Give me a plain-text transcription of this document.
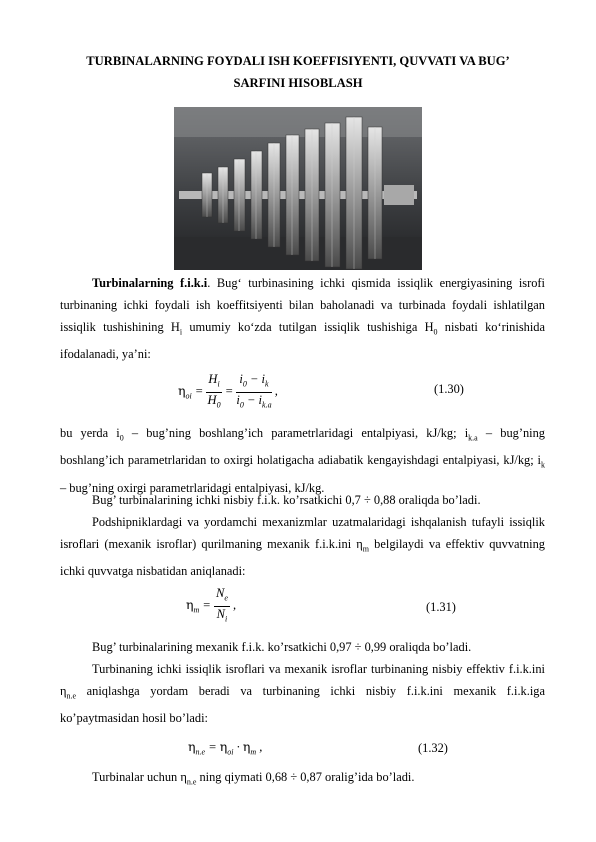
TURBINALARNING FOYDALI ISH KOEFFISIYENTI, QUVVATI VA BUG’
SARFINI HISOBLASH
Turbinalarning f.i.k.i. Bug‘ turbinasining ichki qismida issiqlik energiyasining isrofi turbinaning ichki foydali ish koeffitsiyenti bilan baholanadi va turbinada foydali ishlatilgan issiqlik tushishining $H_i$ umumiy ko‘zda tutilgan issiqlik tushishiga $H_0$ nisbati ko‘rinishida ifodalanadi, ya’ni:
$\eta_{oi} = \frac{H_i}{H_0} = \frac{i_0 - i_k}{i_0 - i_{k.a}}$ ,	(1.30)
bu yerda $i_0$ – bug’ning boshlang’ich parametrlaridagi entalpiyasi, kJ/kg; $i_{k.a}$ – bug’ning boshlang’ich parametrlaridan to oxirgi holatigacha adiabatik kengayishdagi entalpiyasi, kJ/kg; $i_k$ – bug’ning oxirgi parametrlaridagi entalpiyasi, kJ/kg.
Bug’ turbinalarining ichki nisbiy f.i.k. ko’rsatkichi 0,7 ÷ 0,88 oraliqda bo’ladi.
Podshipniklardagi va yordamchi mexanizmlar uzatmalaridagi ishqalanish tufayli issiqlik isroflari (mexanik isroflar) qurilmaning mexanik f.i.k.ini $\eta_m$ belgilaydi va effektiv quvvatning ichki quvvatga nisbatidan aniqlanadi:
$\eta_m = \frac{N_e}{N_i}$ ,	(1.31)
Bug’ turbinalarining mexanik f.i.k. ko’rsatkichi 0,97 ÷ 0,99 oraliqda bo’ladi.
Turbinaning ichki issiqlik isroflari va mexanik isroflar turbinaning nisbiy effektiv f.i.k.ini $\eta_{n.e}$ aniqlashga yordam beradi va turbinaning ichki nisbiy f.i.k.ini mexanik f.i.k.iga ko’paytmasidan hosil bo’ladi:
$\eta_{n.e} = \eta_{oi} \cdot \eta_m$ ,	(1.32)
Turbinalar uchun $\eta_{n.e}$ ning qiymati 0,68 ÷ 0,87 oralig’ida bo’ladi.
